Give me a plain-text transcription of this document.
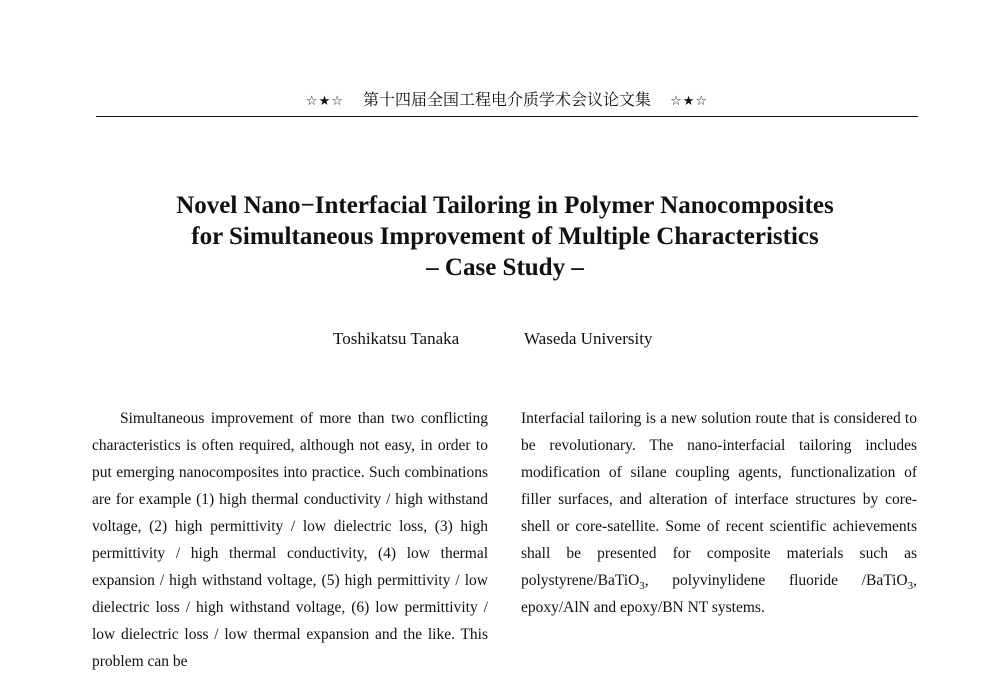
☆★☆ 第十四届全国工程电介质学术会议论文集 ☆★☆
Novel Nano−Interfacial Tailoring in Polymer Nanocomposites
for Simultaneous Improvement of Multiple Characteristics
– Case Study –
Toshikatsu Tanaka	Waseda University
Simultaneous improvement of more than two conflicting characteristics is often required, although not easy, in order to put emerging nanocomposites into practice. Such combinations are for example (1) high thermal conductivity / high withstand voltage, (2) high permittivity / low dielectric loss, (3) high permittivity / high thermal conductivity, (4) low thermal expansion / high withstand voltage, (5) high permittivity / low dielectric loss / high withstand voltage, (6) low permittivity / low dielectric loss / low thermal expansion and the like. This problem can be
Interfacial tailoring is a new solution route that is considered to be revolutionary. The nano-interfacial tailoring includes modification of silane coupling agents, functionalization of filler surfaces, and alteration of interface structures by core-shell or core-satellite. Some of recent scientific achievements shall be presented for composite materials such as polystyrene/BaTiO$_3$, polyvinylidene fluoride /BaTiO$_3$, epoxy/AlN and epoxy/BN NT systems.
